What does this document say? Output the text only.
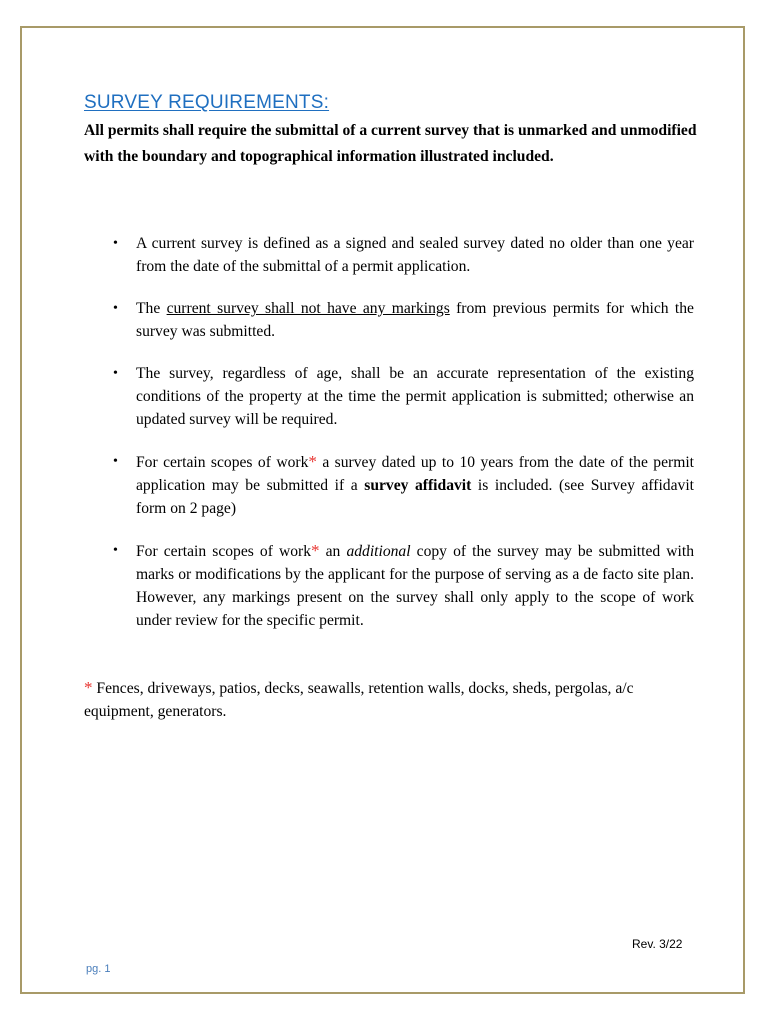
SURVEY REQUIREMENTS:

All permits shall require the submittal of a current survey that is unmarked and unmodified with the boundary and topographical information illustrated included.

• A current survey is defined as a signed and sealed survey dated no older than one year from the date of the submittal of a permit application.
• The current survey shall not have any markings from previous permits for which the survey was submitted.
• The survey, regardless of age, shall be an accurate representation of the existing conditions of the property at the time the permit application is submitted; otherwise an updated survey will be required.
• For certain scopes of work* a survey dated up to 10 years from the date of the permit application may be submitted if a survey affidavit is included. (see Survey affidavit form on 2 page)
• For certain scopes of work* an additional copy of the survey may be submitted with marks or modifications by the applicant for the purpose of serving as a de facto site plan. However, any markings present on the survey shall only apply to the scope of work under review for the specific permit.

* Fences, driveways, patios, decks, seawalls, retention walls, docks, sheds, pergolas, a/c equipment, generators.

Rev. 3/22
pg. 1
